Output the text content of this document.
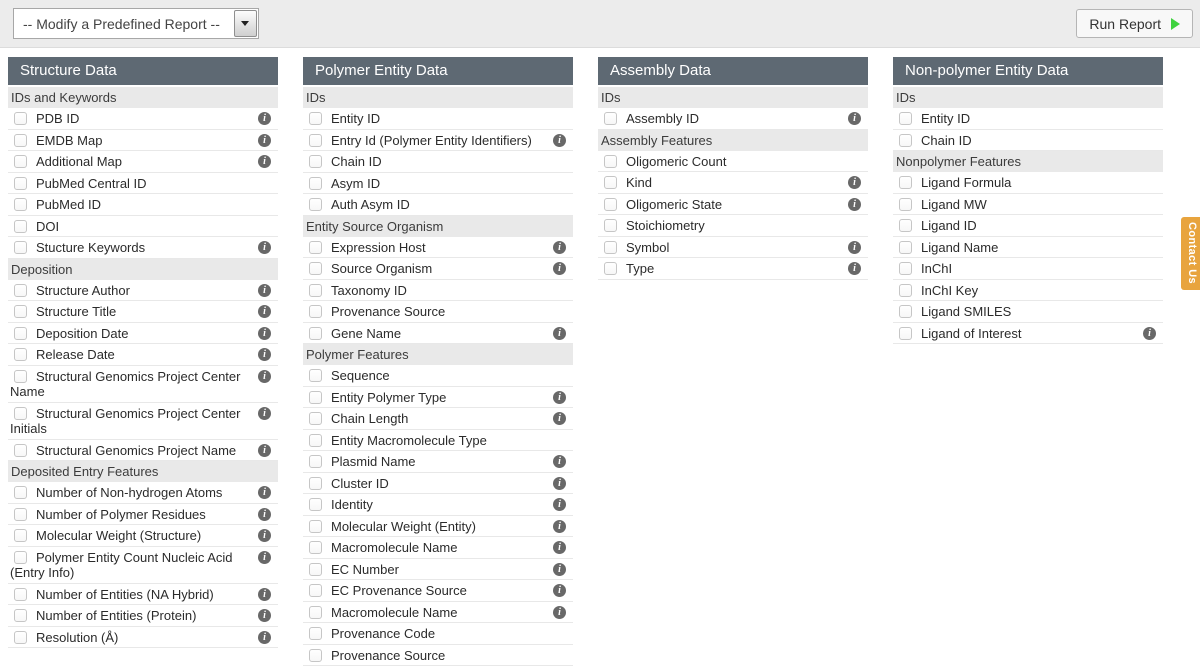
-- Modify a Predefined Report --	Run Report
Structure Data
IDs and Keywords
PDB ID	i
EMDB Map	i
Additional Map	i
PubMed Central ID
PubMed ID
DOI
Stucture Keywords	i
Deposition
Structure Author	i
Structure Title	i
Deposition Date	i
Release Date	i
Structural Genomics Project Center Name
i
Structural Genomics Project Center Initials
i
Structural Genomics Project Name	i
Deposited Entry Features
Number of Non-hydrogen Atoms	i
Number of Polymer Residues	i
Molecular Weight (Structure)	i
Polymer Entity Count Nucleic Acid (Entry Info)
i
Number of Entities (NA Hybrid)	i
Number of Entities (Protein)	i
Resolution (Å)	i
Polymer Entity Data
IDs
Entity ID
Entry Id (Polymer Entity Identifiers)	i
Chain ID
Asym ID
Auth Asym ID
Entity Source Organism
Expression Host	i
Source Organism	i
Taxonomy ID
Provenance Source
Gene Name	i
Polymer Features
Sequence
Entity Polymer Type	i
Chain Length	i
Entity Macromolecule Type
Plasmid Name	i
Cluster ID	i
Identity	i
Molecular Weight (Entity)	i
Macromolecule Name	i
EC Number	i
EC Provenance Source	i
Macromolecule Name	i
Provenance Code
Provenance Source
Assembly Data
IDs
Assembly ID	i
Assembly Features
Oligomeric Count
Kind	i
Oligomeric State	i
Stoichiometry
Symbol	i
Type	i
Non-polymer Entity Data
IDs
Entity ID
Chain ID
Nonpolymer Features
Ligand Formula
Ligand MW
Ligand ID
Ligand Name
InChI
InChI Key
Ligand SMILES
Ligand of Interest	i
Contact Us
